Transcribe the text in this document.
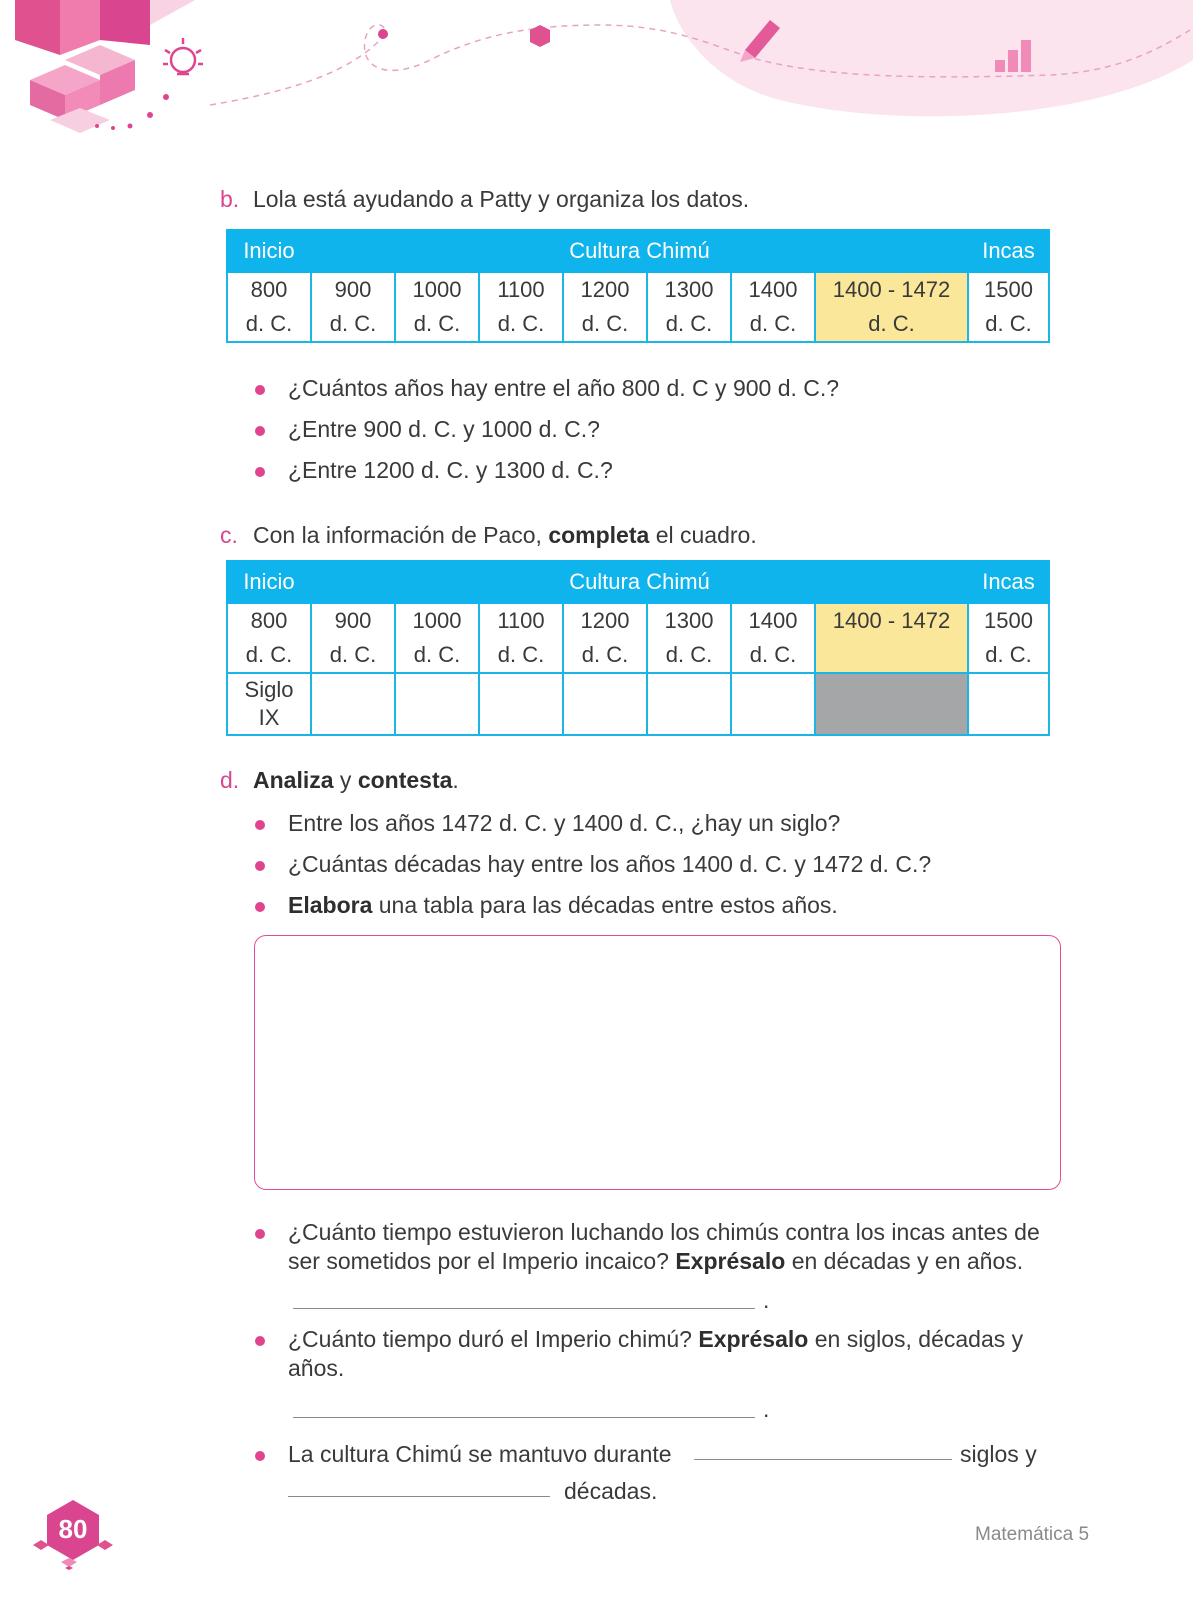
b. Lola está ayudando a Patty y organiza los datos.
Inicio	Cultura Chimú							Incas
800
d. C.	900
d. C.	1000
d. C.	1100
d. C.	1200
d. C.	1300
d. C.	1400
d. C.	1400 - 1472
d. C.	1500
d. C.
¿Cuántos años hay entre el año 800 d. C y 900 d. C.?
¿Entre 900 d. C. y 1000 d. C.?
¿Entre 1200 d. C. y 1300 d. C.?
c. Con la información de Paco, completa el cuadro.
Inicio	Cultura Chimú							Incas
800
d. C.	900
d. C.	1000
d. C.	1100
d. C.	1200
d. C.	1300
d. C.	1400
d. C.	1400 - 1472	1500
d. C.
Siglo
IX								
d. Analiza y contesta.
Entre los años 1472 d. C. y 1400 d. C., ¿hay un siglo?
¿Cuántas décadas hay entre los años 1400 d. C. y 1472 d. C.?
Elabora una tabla para las décadas entre estos años.
¿Cuánto tiempo estuvieron luchando los chimús contra los incas antes de ser sometidos por el Imperio incaico? Exprésalo en décadas y en años.
.
¿Cuánto tiempo duró el Imperio chimú? Exprésalo en siglos, décadas y años.
.
La cultura Chimú se mantuvo durante	siglos y
décadas.
80	Matemática 5
